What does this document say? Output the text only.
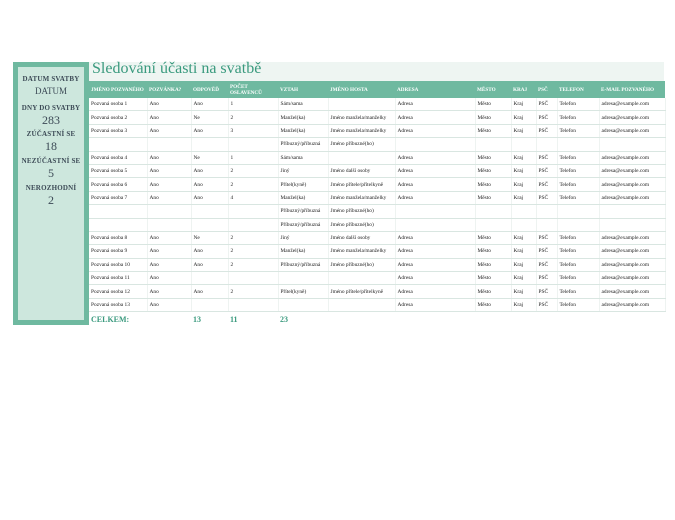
DATUM SVATBY
DATUM
DNY DO SVATBY
283
ZÚČASTNÍ SE
18
NEZÚČASTNÍ SE
5
NEROZHODNÍ
2
Sledování účasti na svatbě
JMÉNO POZVANÉHO	POZVÁNKA?	ODPOVĚĎ	POČET OSLAVENCŮ	VZTAH	JMÉNO HOSTA	ADRESA	MĚSTO	KRAJ	PSČ	TELEFON	E-MAIL POZVANÉHO
Pozvaná osoba 1	Ano	Ano	1	Sám/sama		Adresa	Město	Kraj	PSČ	Telefon	adresa@example.com
Pozvaná osoba 2	Ano	Ne	2	Manžel(ka)	Jméno manžela/manželky	Adresa	Město	Kraj	PSČ	Telefon	adresa@example.com
Pozvaná osoba 3	Ano	Ano	3	Manžel(ka)	Jméno manžela/manželky	Adresa	Město	Kraj	PSČ	Telefon	adresa@example.com
				Příbuzný/příbuzná	Jméno příbuzné(ho)						
Pozvaná osoba 4	Ano	Ne	1	Sám/sama		Adresa	Město	Kraj	PSČ	Telefon	adresa@example.com
Pozvaná osoba 5	Ano	Ano	2	Jiný	Jméno další osoby	Adresa	Město	Kraj	PSČ	Telefon	adresa@example.com
Pozvaná osoba 6	Ano	Ano	2	Přítel(kyně)	Jméno přítele/přítelkyně	Adresa	Město	Kraj	PSČ	Telefon	adresa@example.com
Pozvaná osoba 7	Ano	Ano	4	Manžel(ka)	Jméno manžela/manželky	Adresa	Město	Kraj	PSČ	Telefon	adresa@example.com
				Příbuzný/příbuzná	Jméno příbuzné(ho)						
				Příbuzný/příbuzná	Jméno příbuzné(ho)						
Pozvaná osoba 8	Ano	Ne	2	Jiný	Jméno další osoby	Adresa	Město	Kraj	PSČ	Telefon	adresa@example.com
Pozvaná osoba 9	Ano	Ano	2	Manžel(ka)	Jméno manžela/manželky	Adresa	Město	Kraj	PSČ	Telefon	adresa@example.com
Pozvaná osoba 10	Ano	Ano	2	Příbuzný/příbuzná	Jméno příbuzné(ho)	Adresa	Město	Kraj	PSČ	Telefon	adresa@example.com
Pozvaná osoba 11	Ano					Adresa	Město	Kraj	PSČ	Telefon	adresa@example.com
Pozvaná osoba 12	Ano	Ano	2	Přítel(kyně)	Jméno přítele/přítelkyně	Adresa	Město	Kraj	PSČ	Telefon	adresa@example.com
Pozvaná osoba 13	Ano					Adresa	Město	Kraj	PSČ	Telefon	adresa@example.com
CELKEM:		13	11	23							
